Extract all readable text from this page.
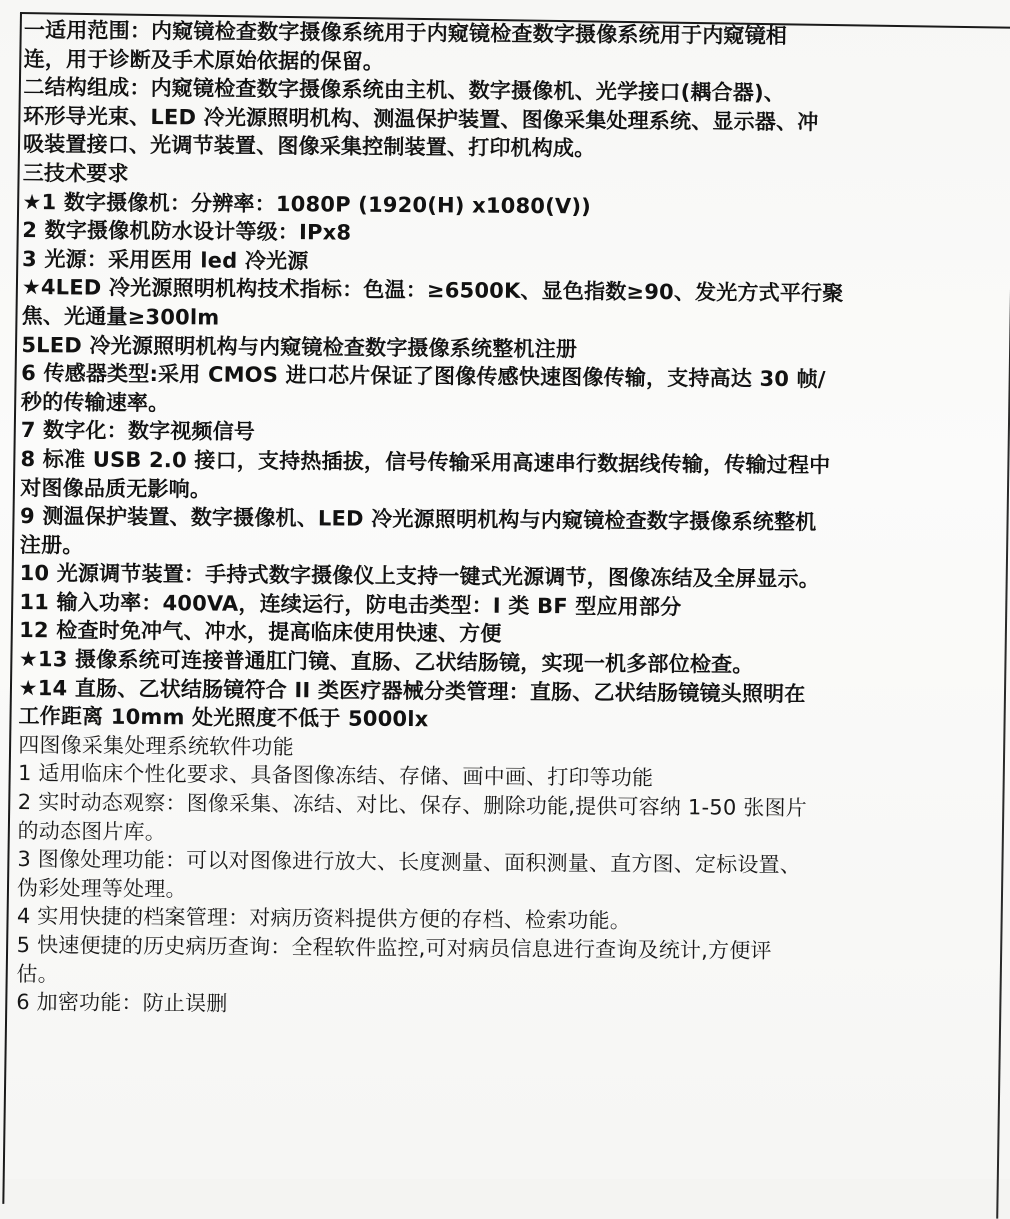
一适用范围：内窥镜检查数字摄像系统用于内窥镜检查数字摄像系统用于内窥镜相
连，用于诊断及手术原始依据的保留。
二结构组成：内窥镜检查数字摄像系统由主机、数字摄像机、光学接口(耦合器)、
环形导光束、LED 冷光源照明机构、测温保护装置、图像采集处理系统、显示器、冲
吸装置接口、光调节装置、图像采集控制装置、打印机构成。
三技术要求
★1 数字摄像机：分辨率：1080P (1920(H) x1080(V))
2 数字摄像机防水设计等级：IPx8
3 光源：采用医用 led 冷光源
★4LED 冷光源照明机构技术指标：色温：≥6500K、显色指数≥90、发光方式平行聚
焦、光通量≥300lm
5LED 冷光源照明机构与内窥镜检查数字摄像系统整机注册
6 传感器类型:采用 CMOS 进口芯片保证了图像传感快速图像传输，支持高达 30 帧/
秒的传输速率。
7 数字化：数字视频信号
8 标准 USB 2.0 接口，支持热插拔，信号传输采用高速串行数据线传输，传输过程中
对图像品质无影响。
9 测温保护装置、数字摄像机、LED 冷光源照明机构与内窥镜检查数字摄像系统整机
注册。
10 光源调节装置：手持式数字摄像仪上支持一键式光源调节，图像冻结及全屏显示。
11 输入功率：400VA，连续运行，防电击类型：I 类 BF 型应用部分
12 检查时免冲气、冲水，提高临床使用快速、方便
★13 摄像系统可连接普通肛门镜、直肠、乙状结肠镜，实现一机多部位检查。
★14 直肠、乙状结肠镜符合 II 类医疗器械分类管理：直肠、乙状结肠镜镜头照明在
工作距离 10mm 处光照度不低于 5000lx
四图像采集处理系统软件功能
1 适用临床个性化要求、具备图像冻结、存储、画中画、打印等功能
2 实时动态观察：图像采集、冻结、对比、保存、删除功能,提供可容纳 1-50 张图片
的动态图片库。
3 图像处理功能：可以对图像进行放大、长度测量、面积测量、直方图、定标设置、
伪彩处理等处理。
4 实用快捷的档案管理：对病历资料提供方便的存档、检索功能。
5 快速便捷的历史病历查询：全程软件监控,可对病员信息进行查询及统计,方便评
估。
6 加密功能：防止误删
